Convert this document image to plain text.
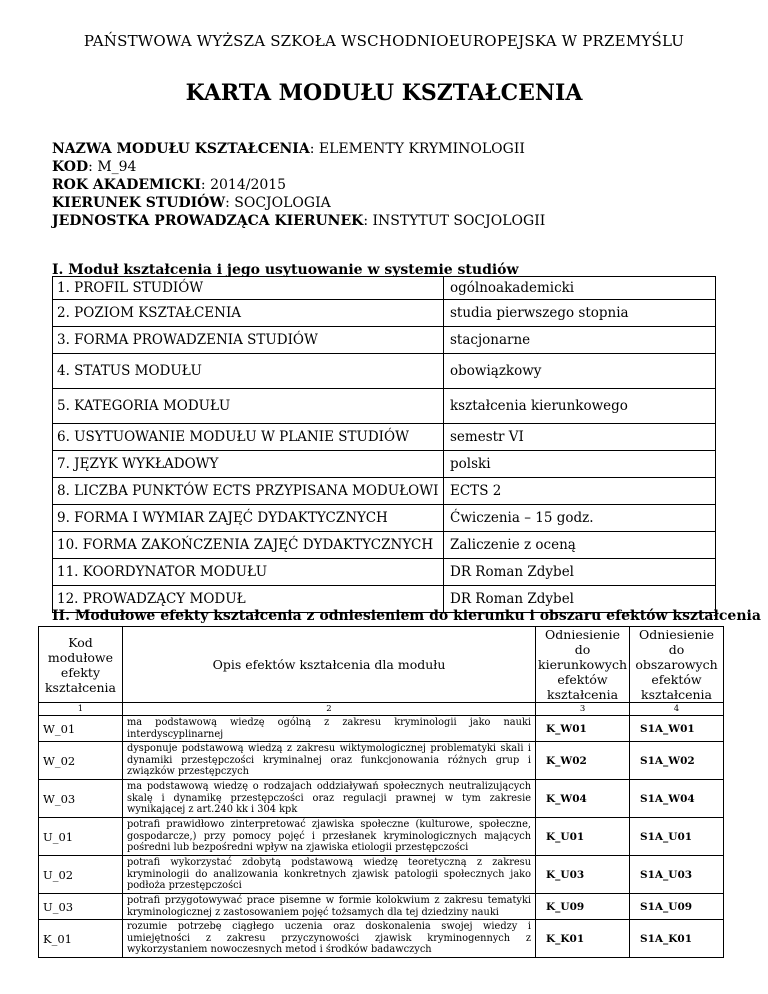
PAŃSTWOWA WYŻSZA SZKOŁA WSCHODNIOEUROPEJSKA W PRZEMYŚLU
KARTA MODUŁU KSZTAŁCENIA
NAZWA MODUŁU KSZTAŁCENIA: ELEMENTY KRYMINOLOGII
KOD: M_94
ROK AKADEMICKI: 2014/2015
KIERUNEK STUDIÓW: SOCJOLOGIA
JEDNOSTKA PROWADZĄCA KIERUNEK: INSTYTUT SOCJOLOGII
I. Moduł kształcenia i jego usytuowanie w systemie studiów
1. PROFIL STUDIÓW	ogólnoakademicki
2. POZIOM KSZTAŁCENIA	studia pierwszego stopnia
3. FORMA PROWADZENIA STUDIÓW	stacjonarne
4. STATUS MODUŁU	obowiązkowy
5. KATEGORIA MODUŁU	kształcenia kierunkowego
6. USYTUOWANIE MODUŁU W PLANIE STUDIÓW	semestr VI
7. JĘZYK WYKŁADOWY	polski
8. LICZBA PUNKTÓW ECTS PRZYPISANA MODUŁOWI	ECTS 2
9. FORMA I WYMIAR ZAJĘĆ DYDAKTYCZNYCH	Ćwiczenia – 15 godz.
10. FORMA ZAKOŃCZENIA ZAJĘĆ DYDAKTYCZNYCH	Zaliczenie z oceną
11. KOORDYNATOR MODUŁU	DR Roman Zdybel
12. PROWADZĄCY MODUŁ	DR Roman Zdybel
II. Modułowe efekty kształcenia z odniesieniem do kierunku i obszaru efektów kształcenia
Kod modułowe efekty kształcenia	Opis efektów kształcenia dla modułu	Odniesienie do kierunkowych efektów kształcenia	Odniesienie do obszarowych efektów kształcenia
1	2	3	4
W_01	ma podstawową wiedzę ogólną z zakresu kryminologii jako nauki interdyscyplinarnej	K_W01	S1A_W01
W_02	dysponuje podstawową wiedzą z zakresu wiktymologicznej problematyki skali i dynamiki przestępczości kryminalnej oraz funkcjonowania różnych grup i związków przestępczych	K_W02	S1A_W02
W_03	ma podstawową wiedzę o rodzajach oddziaływań społecznych neutralizujących skalę i dynamikę przestępczości oraz regulacji prawnej w tym zakresie wynikającej z art.240 kk i 304 kpk	K_W04	S1A_W04
U_01	potrafi prawidłowo zinterpretować zjawiska społeczne (kulturowe, społeczne, gospodarcze,) przy pomocy pojęć i przesłanek kryminologicznych mających pośredni lub bezpośredni wpływ na zjawiska etiologii przestępczości	K_U01	S1A_U01
U_02	potrafi wykorzystać zdobytą podstawową wiedzę teoretyczną z zakresu kryminologii do analizowania konkretnych zjawisk patologii społecznych jako podłoża przestępczości	K_U03	S1A_U03
U_03	potrafi przygotowywać prace pisemne w formie kolokwium z zakresu tematyki kryminologicznej z zastosowaniem pojęć tożsamych dla tej dziedziny nauki	K_U09	S1A_U09
K_01	rozumie potrzebę ciągłego uczenia oraz doskonalenia swojej wiedzy i umiejętności z zakresu przyczynowości zjawisk kryminogennych z wykorzystaniem nowoczesnych metod i środków badawczych	K_K01	S1A_K01
